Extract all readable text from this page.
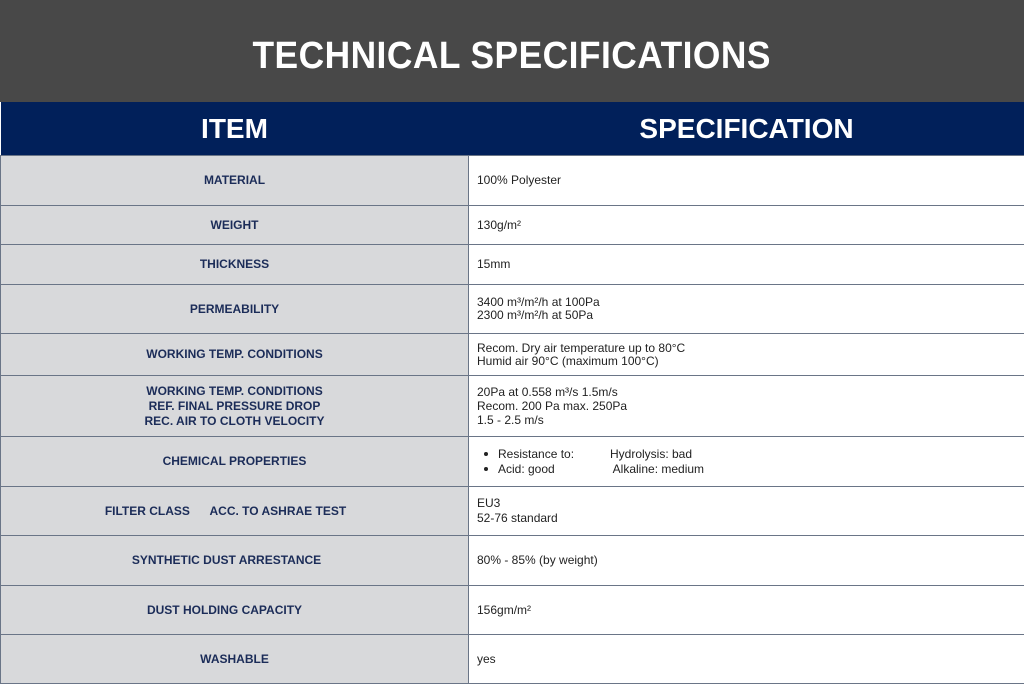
TECHNICAL SPECIFICATIONS
ITEM	SPECIFICATION

MATERIAL	100% Polyester

WEIGHT	130g/m²

THICKNESS	15mm

PERMEABILITY	3400 m³/m²/h at 100Pa
2300 m³/m²/h at 50Pa

WORKING TEMP. CONDITIONS	Recom. Dry air temperature up to 80°C
Humid air 90°C (maximum 100°C)

WORKING TEMP. CONDITIONS
REF. FINAL PRESSURE DROP
REC. AIR TO CLOTH VELOCITY	20Pa at 0.558 m³/s 1.5m/s
Recom. 200 Pa max. 250Pa
1.5 - 2.5 m/s

CHEMICAL PROPERTIES	Resistance to: Hydrolysis: bad
Acid: good Alkaline: medium

FILTER CLASS      ACC. TO ASHRAE TEST	EU3
52-76 standard

SYNTHETIC DUST ARRESTANCE	80% - 85% (by weight)

DUST HOLDING CAPACITY	156gm/m²

WASHABLE	yes
